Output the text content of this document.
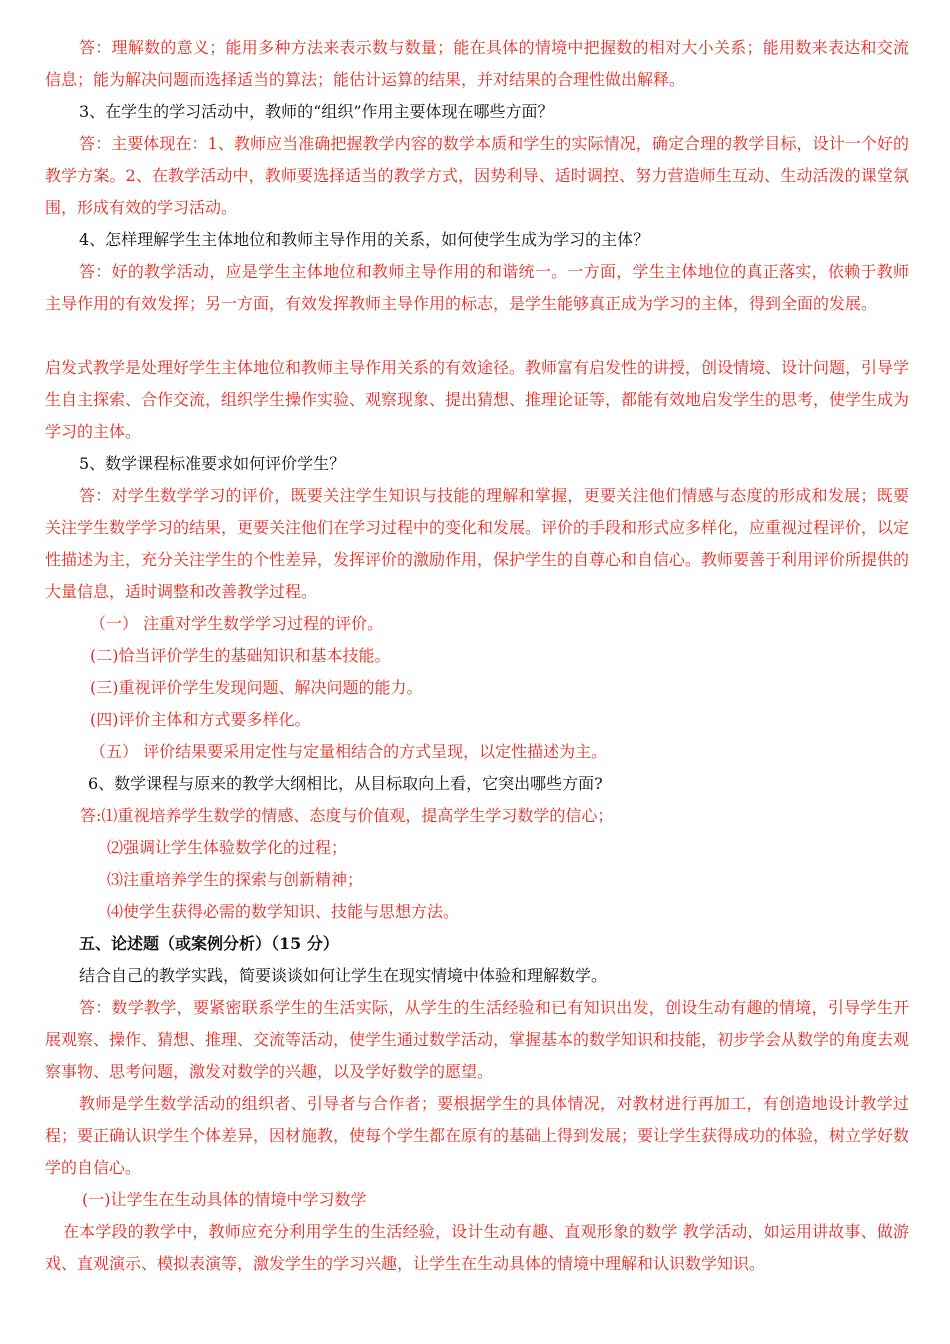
答：理解数的意义；能用多种方法来表示数与数量；能在具体的情境中把握数的相对大小关系；能用数来表达和交流信息；能为解决问题而选择适当的算法；能估计运算的结果，并对结果的合理性做出解释。

3、在学生的学习活动中，教师的“组织”作用主要体现在哪些方面？

答：主要体现在：1、教师应当准确把握教学内容的数学本质和学生的实际情况，确定合理的教学目标，设计一个好的教学方案。2、在教学活动中，教师要选择适当的教学方式，因势利导、适时调控、努力营造师生互动、生动活泼的课堂氛围，形成有效的学习活动。

4、怎样理解学生主体地位和教师主导作用的关系，如何使学生成为学习的主体？

答：好的教学活动，应是学生主体地位和教师主导作用的和谐统一。一方面，学生主体地位的真正落实，依赖于教师主导作用的有效发挥；另一方面，有效发挥教师主导作用的标志，是学生能够真正成为学习的主体，得到全面的发展。

启发式教学是处理好学生主体地位和教师主导作用关系的有效途径。教师富有启发性的讲授，创设情境、设计问题，引导学生自主探索、合作交流，组织学生操作实验、观察现象、提出猜想、推理论证等，都能有效地启发学生的思考，使学生成为学习的主体。

5、数学课程标准要求如何评价学生？

答：对学生数学学习的评价，既要关注学生知识与技能的理解和掌握，更要关注他们情感与态度的形成和发展；既要关注学生数学学习的结果，更要关注他们在学习过程中的变化和发展。评价的手段和形式应多样化，应重视过程评价，以定性描述为主，充分关注学生的个性差异，发挥评价的激励作用，保护学生的自尊心和自信心。教师要善于利用评价所提供的大量信息，适时调整和改善教学过程。

（一） 注重对学生数学学习过程的评价。

(二)恰当评价学生的基础知识和基本技能。

(三)重视评价学生发现问题、解决问题的能力。

(四)评价主体和方式要多样化。

（五） 评价结果要采用定性与定量相结合的方式呈现，以定性描述为主。

6、数学课程与原来的教学大纲相比，从目标取向上看，它突出哪些方面?

答:⑴重视培养学生数学的情感、态度与价值观，提高学生学习数学的信心；

⑵强调让学生体验数学化的过程；

⑶注重培养学生的探索与创新精神；

⑷使学生获得必需的数学知识、技能与思想方法。

五、论述题（或案例分析）（15 分）

结合自己的教学实践，简要谈谈如何让学生在现实情境中体验和理解数学。

答：数学教学，要紧密联系学生的生活实际，从学生的生活经验和已有知识出发，创设生动有趣的情境，引导学生开展观察、操作、猜想、推理、交流等活动，使学生通过数学活动，掌握基本的数学知识和技能，初步学会从数学的角度去观察事物、思考问题，激发对数学的兴趣，以及学好数学的愿望。

教师是学生数学活动的组织者、引导者与合作者；要根据学生的具体情况，对教材进行再加工，有创造地设计教学过程；要正确认识学生个体差异，因材施教，使每个学生都在原有的基础上得到发展；要让学生获得成功的体验，树立学好数学的自信心。

(一)让学生在生动具体的情境中学习数学

在本学段的教学中，教师应充分利用学生的生活经验，设计生动有趣、直观形象的数学 教学活动，如运用讲故事、做游戏、直观演示、模拟表演等，激发学生的学习兴趣，让学生在生动具体的情境中理解和认识数学知识。
